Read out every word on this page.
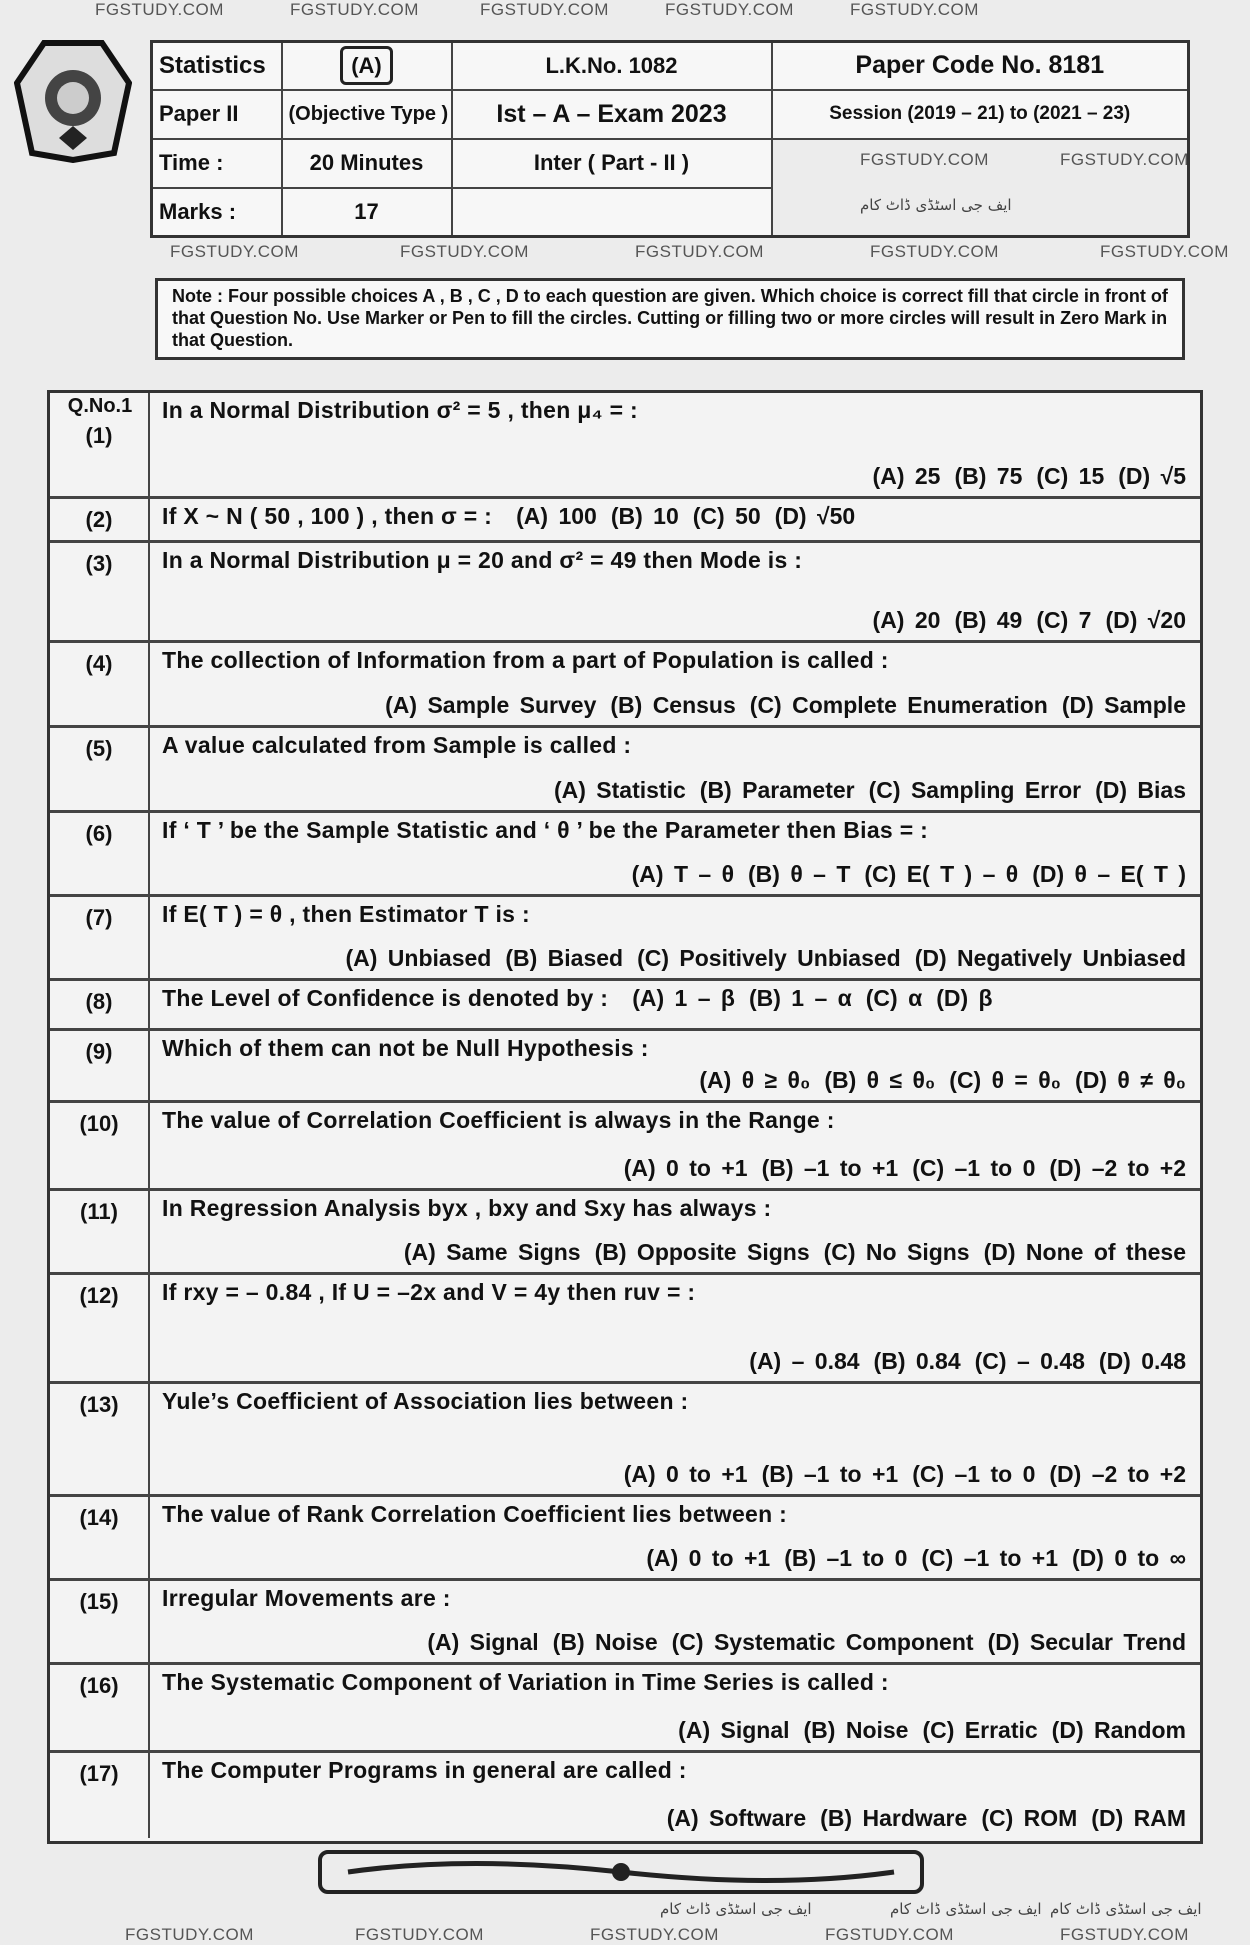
Statistics	(A)	L.K.No. 1082	Paper Code No. 8181
Paper II	(Objective Type )	Ist – A – Exam 2023	Session (2019 – 21) to (2021 – 23)
Time :	20 Minutes	Inter ( Part - II )	
Marks :	17		
Note : Four possible choices A , B , C , D to each question are given. Which choice is correct fill that circle in front of that Question No. Use Marker or Pen to fill the circles. Cutting or filling two or more circles will result in Zero Mark in that Question.
Q.No.1
(1)
In a Normal Distribution σ² = 5 , then μ₄ = :
(A) 25 (B) 75 (C) 15 (D) √5
(2)	If X ~ N ( 50 , 100 ) , then σ = : (A) 100 (B) 10 (C) 50 (D) √50
(3)	In a Normal Distribution μ = 20 and σ² = 49 then Mode is :
(A) 20 (B) 49 (C) 7 (D) √20
(4)	The collection of Information from a part of Population is called :
(A) Sample Survey (B) Census (C) Complete Enumeration (D) Sample
(5)	A value calculated from Sample is called :
(A) Statistic (B) Parameter (C) Sampling Error (D) Bias
(6)	If ‘ T ’ be the Sample Statistic and ‘ θ ’ be the Parameter then Bias = :
(A) T – θ (B) θ – T (C) E( T ) – θ (D) θ – E( T )
(7)	If E( T ) = θ , then Estimator T is :
(A) Unbiased (B) Biased (C) Positively Unbiased (D) Negatively Unbiased
(8)	The Level of Confidence is denoted by : (A) 1 – β (B) 1 – α (C) α (D) β
(9)	Which of them can not be Null Hypothesis :
(A) θ ≥ θ₀ (B) θ ≤ θ₀ (C) θ = θ₀ (D) θ ≠ θ₀
(10)	The value of Correlation Coefficient is always in the Range :
(A) 0 to +1 (B) –1 to +1 (C) –1 to 0 (D) –2 to +2
(11)	In Regression Analysis byx , bxy and Sxy has always :
(A) Same Signs (B) Opposite Signs (C) No Signs (D) None of these
(12)	If rxy = – 0.84 , If U = –2x and V = 4y then ruv = :
(A) – 0.84 (B) 0.84 (C) – 0.48 (D) 0.48
(13)	Yule’s Coefficient of Association lies between :
(A) 0 to +1 (B) –1 to +1 (C) –1 to 0 (D) –2 to +2
(14)	The value of Rank Correlation Coefficient lies between :
(A) 0 to +1 (B) –1 to 0 (C) –1 to +1 (D) 0 to ∞
(15)	Irregular Movements are :
(A) Signal (B) Noise (C) Systematic Component (D) Secular Trend
(16)	The Systematic Component of Variation in Time Series is called :
(A) Signal (B) Noise (C) Erratic (D) Random
(17)	The Computer Programs in general are called :
(A) Software (B) Hardware (C) ROM (D) RAM
FGSTUDY.COM	FGSTUDY.COM	FGSTUDY.COM	FGSTUDY.COM	FGSTUDY.COM
FGSTUDY.COM	FGSTUDY.COM	FGSTUDY.COM	FGSTUDY.COM	FGSTUDY.COM
FGSTUDY.COM	FGSTUDY.COM	FGSTUDY.COM	FGSTUDY.COM	FGSTUDY.COM
FGSTUDY.COM	FGSTUDY.COM
ایف جی اسٹڈی ڈاٹ کام	ایف جی اسٹڈی ڈاٹ کام ایف جی اسٹڈی ڈاٹ کام
ایف جی اسٹڈی ڈاٹ کام
